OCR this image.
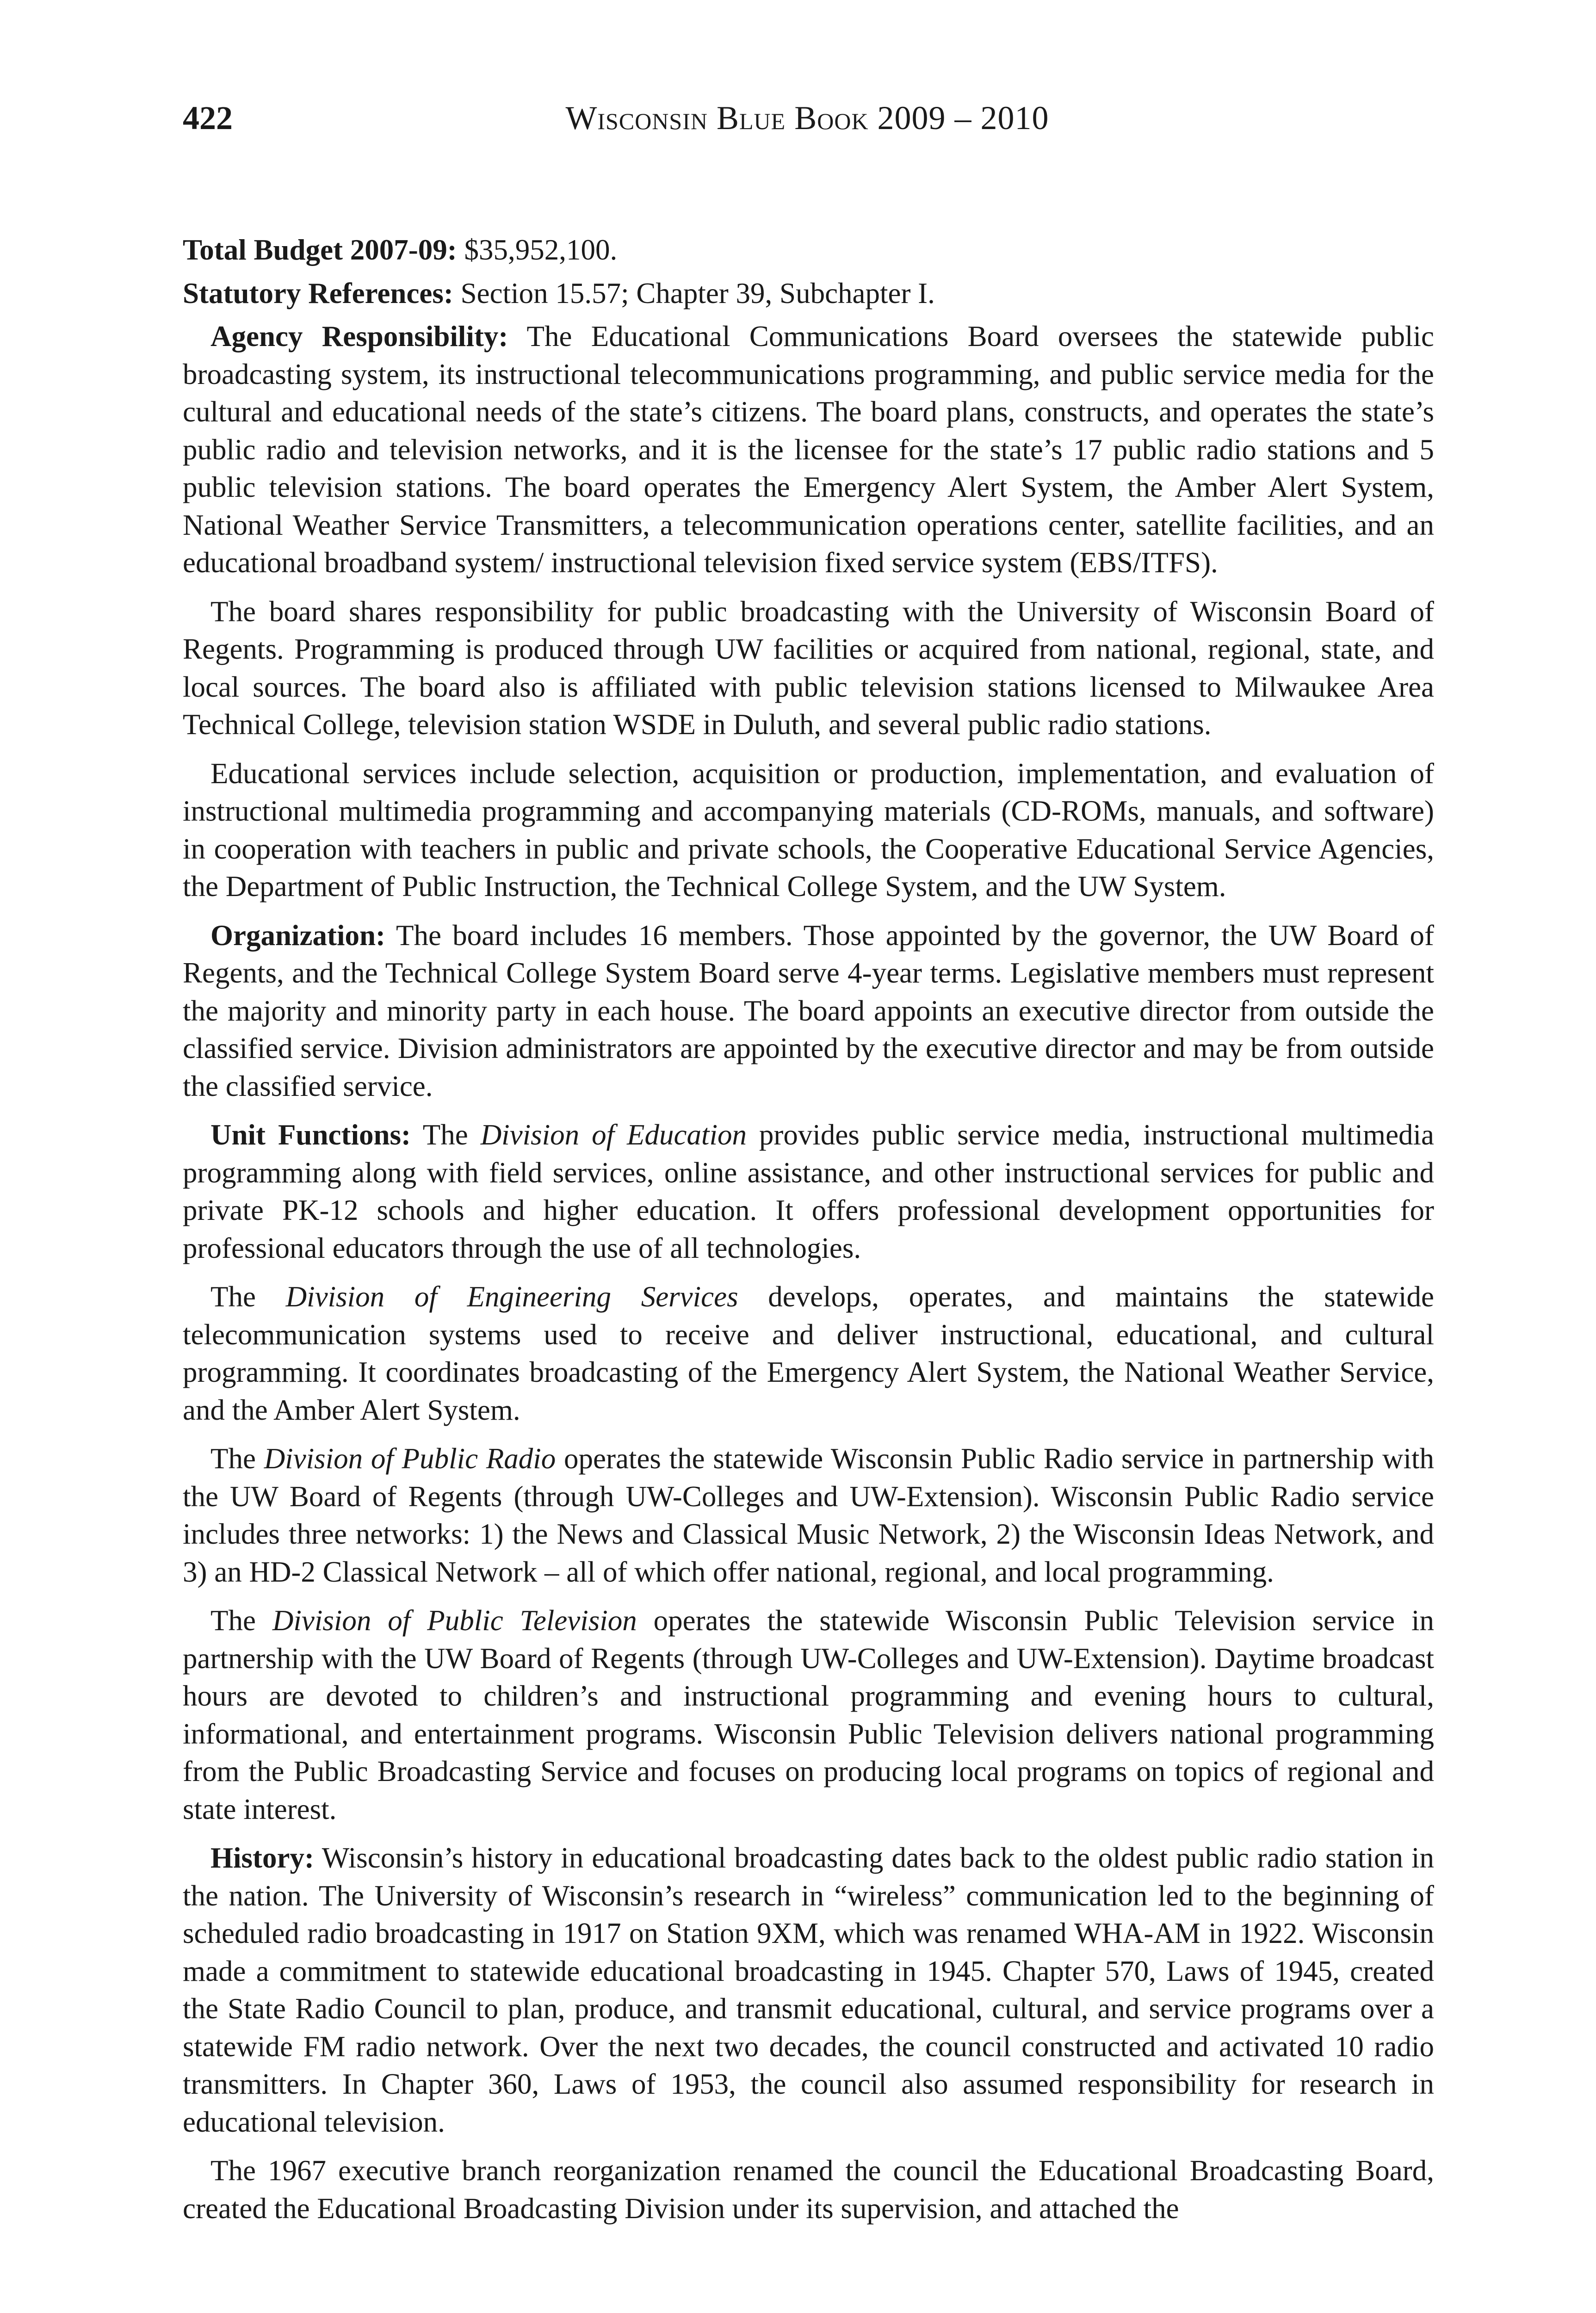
422	Wisconsin Blue Book 2009 – 2010

Total Budget 2007-09: $35,952,100.

Statutory References: Section 15.57; Chapter 39, Subchapter I.

Agency Responsibility: The Educational Communications Board oversees the statewide public broadcasting system, its instructional telecommunications programming, and public service media for the cultural and educational needs of the state’s citizens. The board plans, constructs, and operates the state’s public radio and television networks, and it is the licensee for the state’s 17 public radio stations and 5 public television stations. The board operates the Emergency Alert System, the Amber Alert System, National Weather Service Transmitters, a telecommunication operations center, satellite facilities, and an educational broadband system/ instructional television fixed service system (EBS/ITFS).

The board shares responsibility for public broadcasting with the University of Wisconsin Board of Regents. Programming is produced through UW facilities or acquired from national, regional, state, and local sources. The board also is affiliated with public television stations licensed to Milwaukee Area Technical College, television station WSDE in Duluth, and several public radio stations.

Educational services include selection, acquisition or production, implementation, and evaluation of instructional multimedia programming and accompanying materials (CD-ROMs, manuals, and software) in cooperation with teachers in public and private schools, the Cooperative Educational Service Agencies, the Department of Public Instruction, the Technical College System, and the UW System.

Organization: The board includes 16 members. Those appointed by the governor, the UW Board of Regents, and the Technical College System Board serve 4-year terms. Legislative members must represent the majority and minority party in each house. The board appoints an executive director from outside the classified service. Division administrators are appointed by the executive director and may be from outside the classified service.

Unit Functions: The Division of Education provides public service media, instructional multimedia programming along with field services, online assistance, and other instructional services for public and private PK-12 schools and higher education. It offers professional development opportunities for professional educators through the use of all technologies.

The Division of Engineering Services develops, operates, and maintains the statewide telecommunication systems used to receive and deliver instructional, educational, and cultural programming. It coordinates broadcasting of the Emergency Alert System, the National Weather Service, and the Amber Alert System.

The Division of Public Radio operates the statewide Wisconsin Public Radio service in partnership with the UW Board of Regents (through UW-Colleges and UW-Extension). Wisconsin Public Radio service includes three networks: 1) the News and Classical Music Network, 2) the Wisconsin Ideas Network, and 3) an HD-2 Classical Network – all of which offer national, regional, and local programming.

The Division of Public Television operates the statewide Wisconsin Public Television service in partnership with the UW Board of Regents (through UW-Colleges and UW-Extension). Daytime broadcast hours are devoted to children’s and instructional programming and evening hours to cultural, informational, and entertainment programs. Wisconsin Public Television delivers national programming from the Public Broadcasting Service and focuses on producing local programs on topics of regional and state interest.

History: Wisconsin’s history in educational broadcasting dates back to the oldest public radio station in the nation. The University of Wisconsin’s research in “wireless” communication led to the beginning of scheduled radio broadcasting in 1917 on Station 9XM, which was renamed WHA-AM in 1922. Wisconsin made a commitment to statewide educational broadcasting in 1945. Chapter 570, Laws of 1945, created the State Radio Council to plan, produce, and transmit educational, cultural, and service programs over a statewide FM radio network. Over the next two decades, the council constructed and activated 10 radio transmitters. In Chapter 360, Laws of 1953, the council also assumed responsibility for research in educational television.

The 1967 executive branch reorganization renamed the council the Educational Broadcasting Board, created the Educational Broadcasting Division under its supervision, and attached the
